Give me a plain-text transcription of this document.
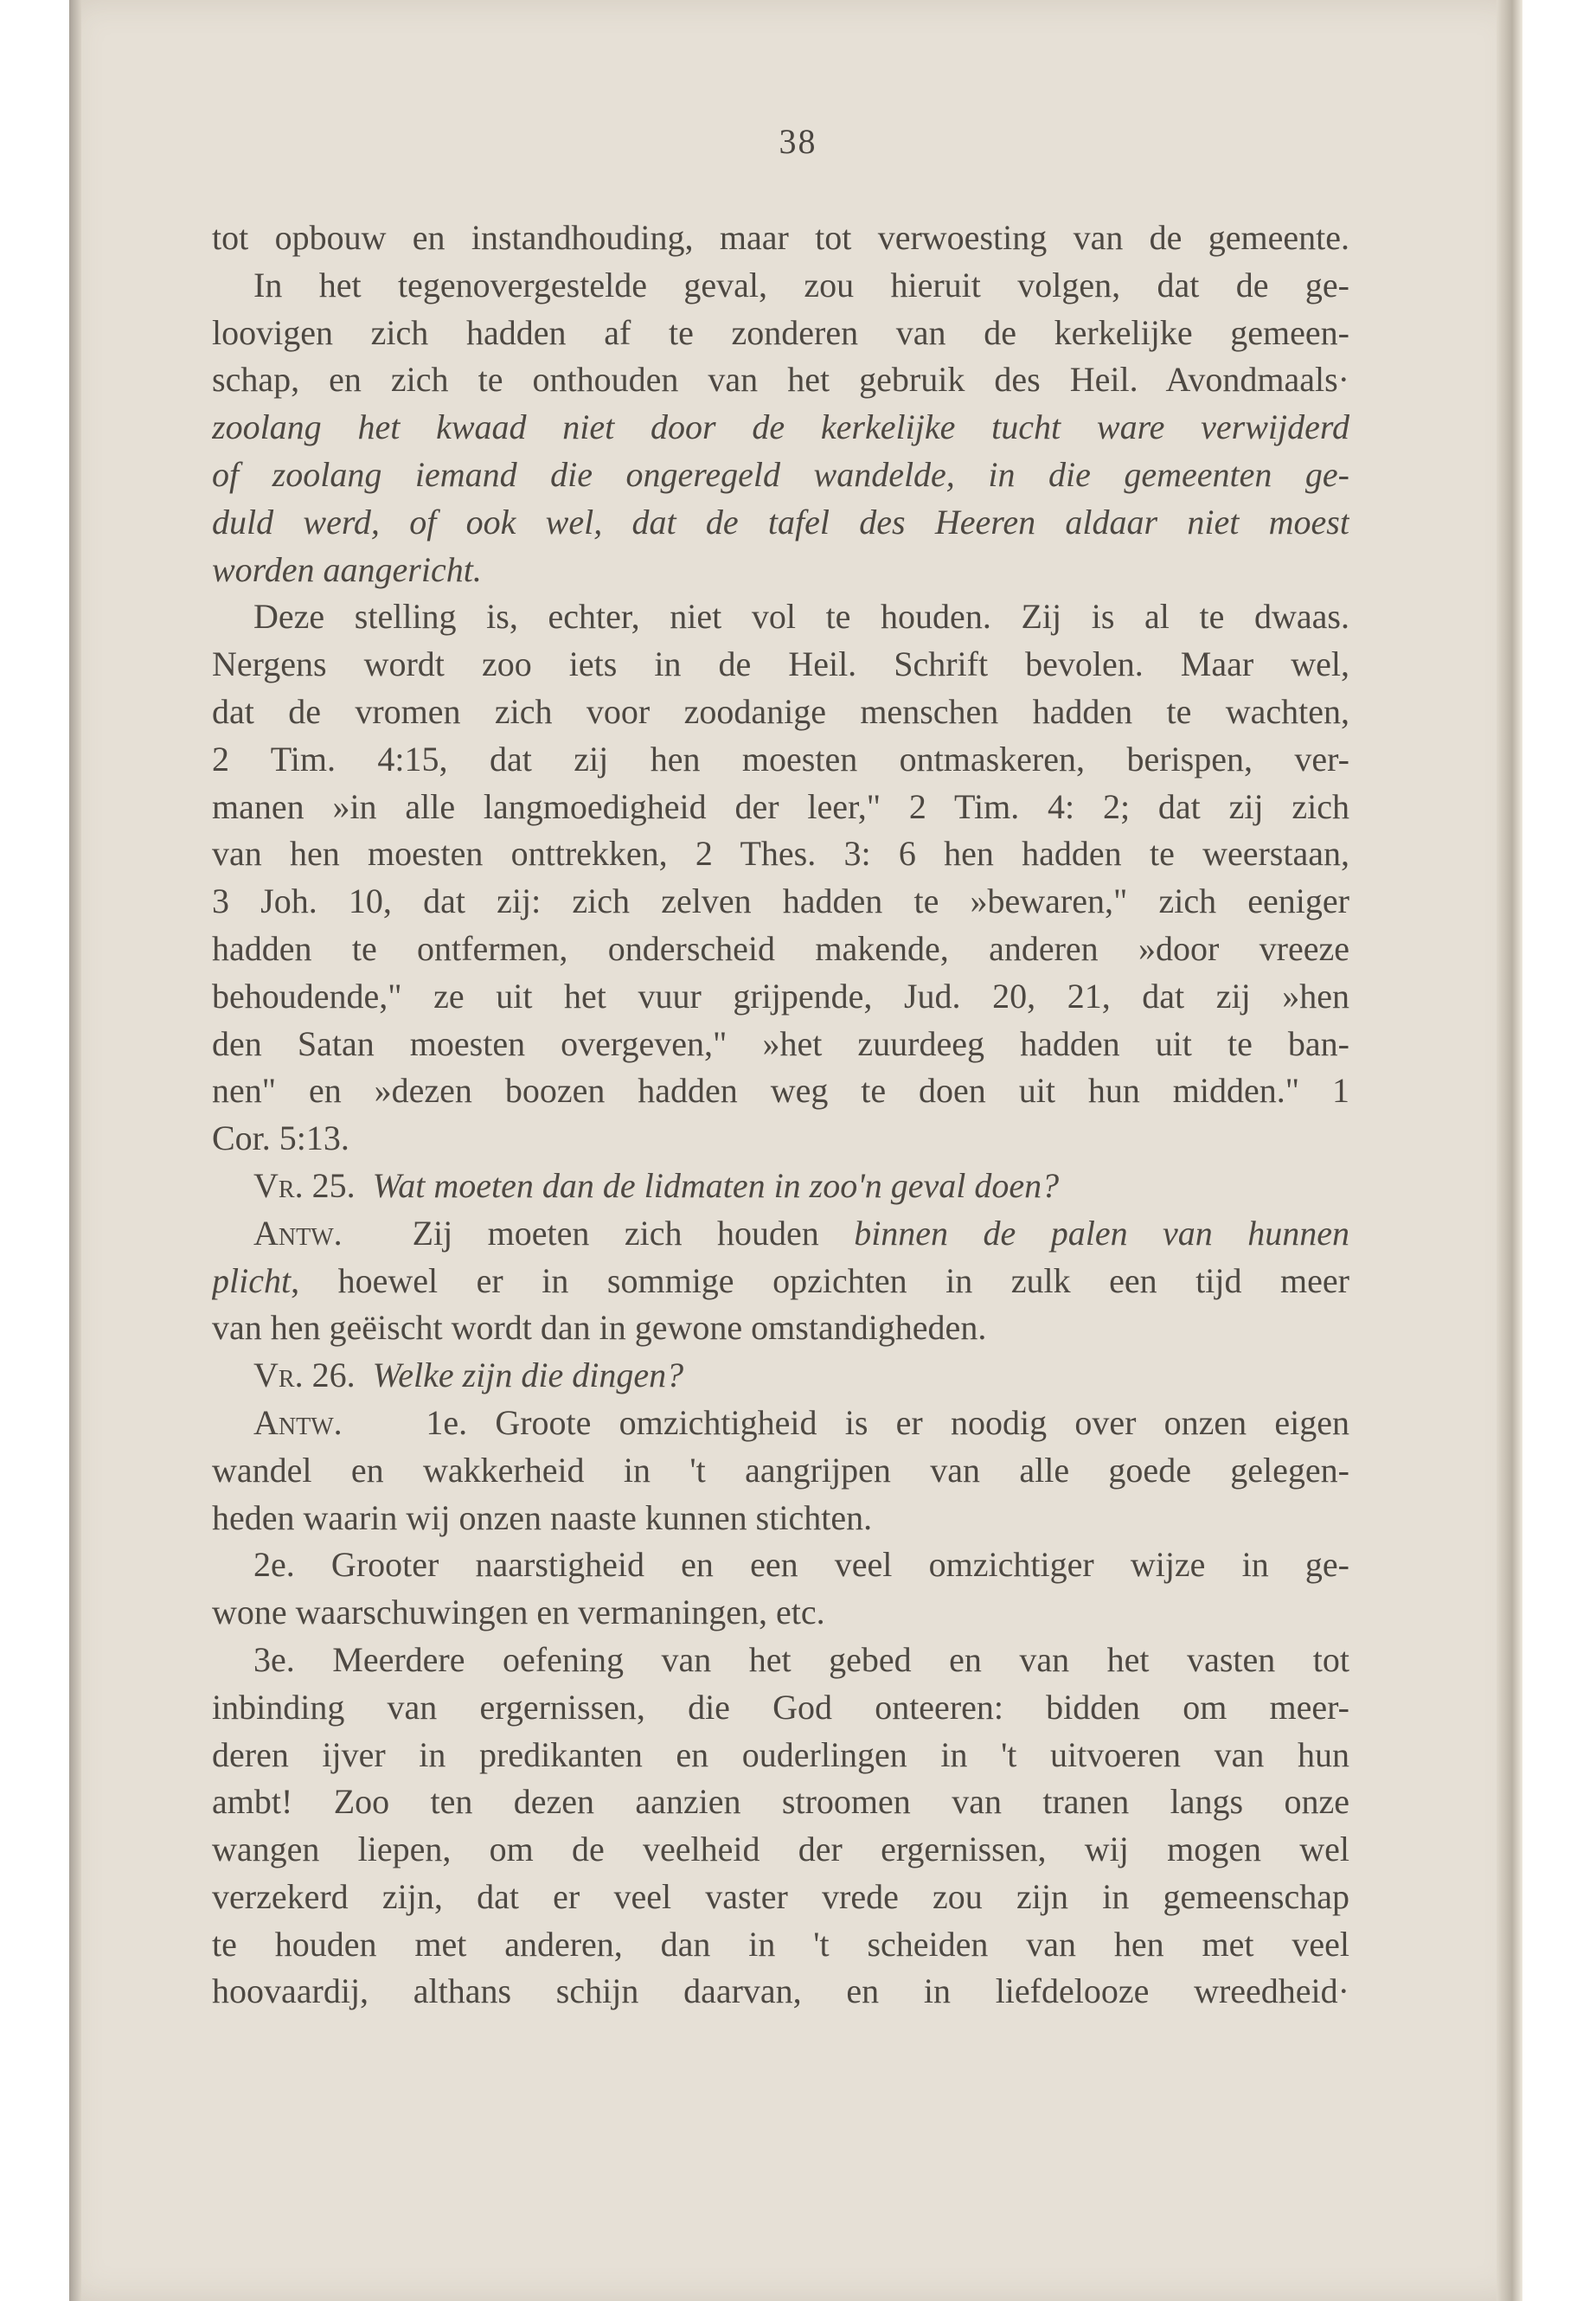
38
tot opbouw en instandhouding, maar tot verwoesting van de gemeente.
In het tegenovergestelde geval, zou hieruit volgen, dat de ge-
loovigen zich hadden af te zonderen van de kerkelijke gemeen-
schap, en zich te onthouden van het gebruik des Heil. Avondmaals·
zoolang het kwaad niet door de kerkelijke tucht ware verwijderd
of zoolang iemand die ongeregeld wandelde, in die gemeenten ge-
duld werd, of ook wel, dat de tafel des Heeren aldaar niet moest
worden aangericht.
Deze stelling is, echter, niet vol te houden. Zij is al te dwaas.
Nergens wordt zoo iets in de Heil. Schrift bevolen. Maar wel,
dat de vromen zich voor zoodanige menschen hadden te wachten,
2 Tim. 4:15, dat zij hen moesten ontmaskeren, berispen, ver-
manen »in alle langmoedigheid der leer," 2 Tim. 4: 2; dat zij zich
van hen moesten onttrekken, 2 Thes. 3: 6 hen hadden te weerstaan,
3 Joh. 10, dat zij: zich zelven hadden te »bewaren," zich eeniger
hadden te ontfermen, onderscheid makende, anderen »door vreeze
behoudende," ze uit het vuur grijpende, Jud. 20, 21, dat zij »hen
den Satan moesten overgeven," »het zuurdeeg hadden uit te ban-
nen" en »dezen boozen hadden weg te doen uit hun midden." 1
Cor. 5:13.
Vr. 25. Wat moeten dan de lidmaten in zoo'n geval doen?
Antw. Zij moeten zich houden binnen de palen van hunnen
plicht, hoewel er in sommige opzichten in zulk een tijd meer
van hen geëischt wordt dan in gewone omstandigheden.
Vr. 26. Welke zijn die dingen?
Antw. 1e. Groote omzichtigheid is er noodig over onzen eigen
wandel en wakkerheid in 't aangrijpen van alle goede gelegen-
heden waarin wij onzen naaste kunnen stichten.
2e. Grooter naarstigheid en een veel omzichtiger wijze in ge-
wone waarschuwingen en vermaningen, etc.
3e. Meerdere oefening van het gebed en van het vasten tot
inbinding van ergernissen, die God onteeren: bidden om meer-
deren ijver in predikanten en ouderlingen in 't uitvoeren van hun
ambt! Zoo ten dezen aanzien stroomen van tranen langs onze
wangen liepen, om de veelheid der ergernissen, wij mogen wel
verzekerd zijn, dat er veel vaster vrede zou zijn in gemeenschap
te houden met anderen, dan in 't scheiden van hen met veel
hoovaardij, althans schijn daarvan, en in liefdelooze wreedheid·
